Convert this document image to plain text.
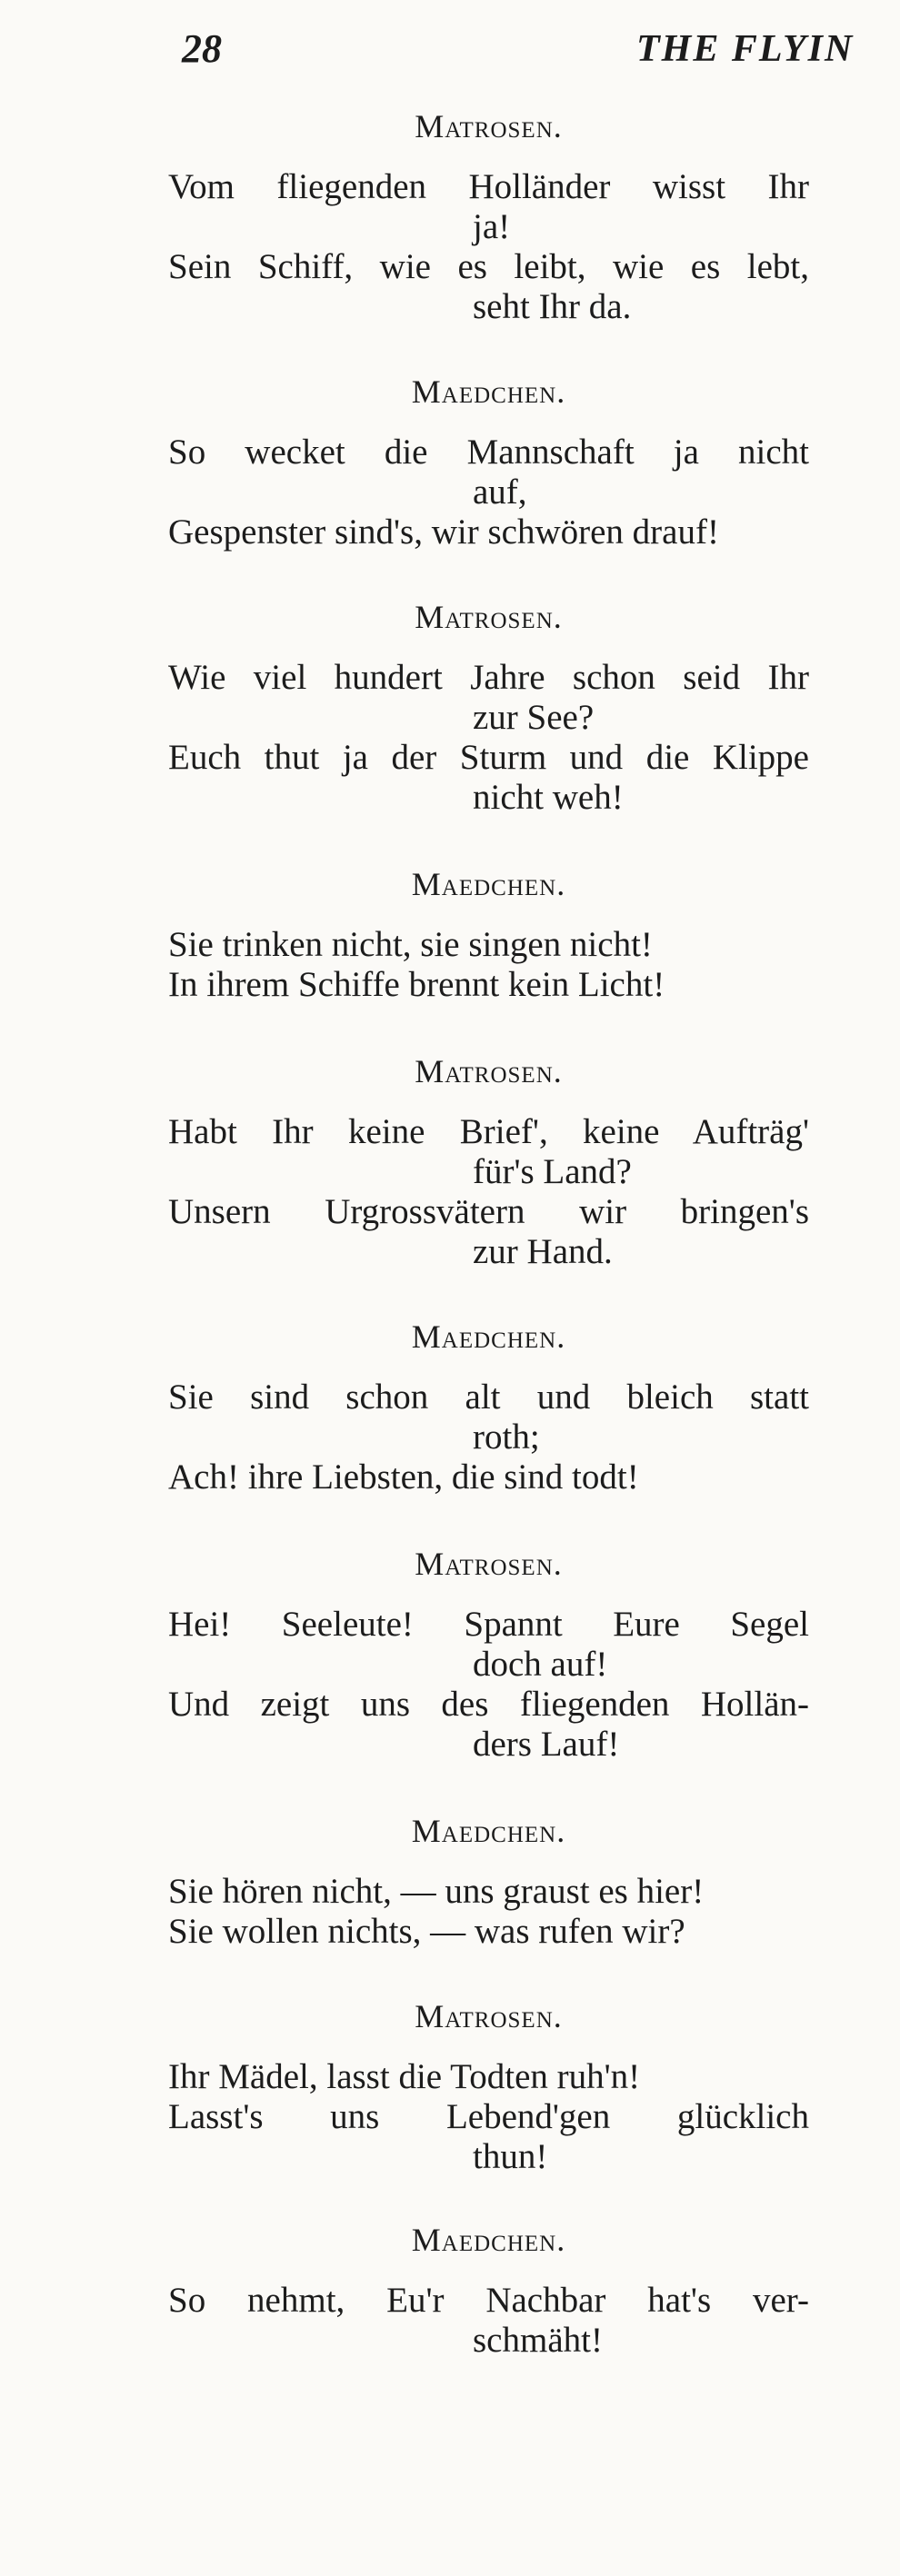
28	THE FLYIN
Matrosen.
Vom fliegenden Holländer wisst Ihr
ja!
Sein Schiff, wie es leibt, wie es lebt,
seht Ihr da.
Maedchen.
So wecket die Mannschaft ja nicht
auf,
Gespenster sind's, wir schwören drauf!
Matrosen.
Wie viel hundert Jahre schon seid Ihr
zur See?
Euch thut ja der Sturm und die Klippe
nicht weh!
Maedchen.
Sie trinken nicht, sie singen nicht!
In ihrem Schiffe brennt kein Licht!
Matrosen.
Habt Ihr keine Brief', keine Aufträg'
für's Land?
Unsern Urgrossvätern wir bringen's
zur Hand.
Maedchen.
Sie sind schon alt und bleich statt
roth;
Ach! ihre Liebsten, die sind todt!
Matrosen.
Hei! Seeleute! Spannt Eure Segel
doch auf!
Und zeigt uns des fliegenden Hollän-
ders Lauf!
Maedchen.
Sie hören nicht, — uns graust es hier!
Sie wollen nichts, — was rufen wir?
Matrosen.
Ihr Mädel, lasst die Todten ruh'n!
Lasst's uns Lebend'gen glücklich
thun!
Maedchen.
So nehmt, Eu'r Nachbar hat's ver-
schmäht!
